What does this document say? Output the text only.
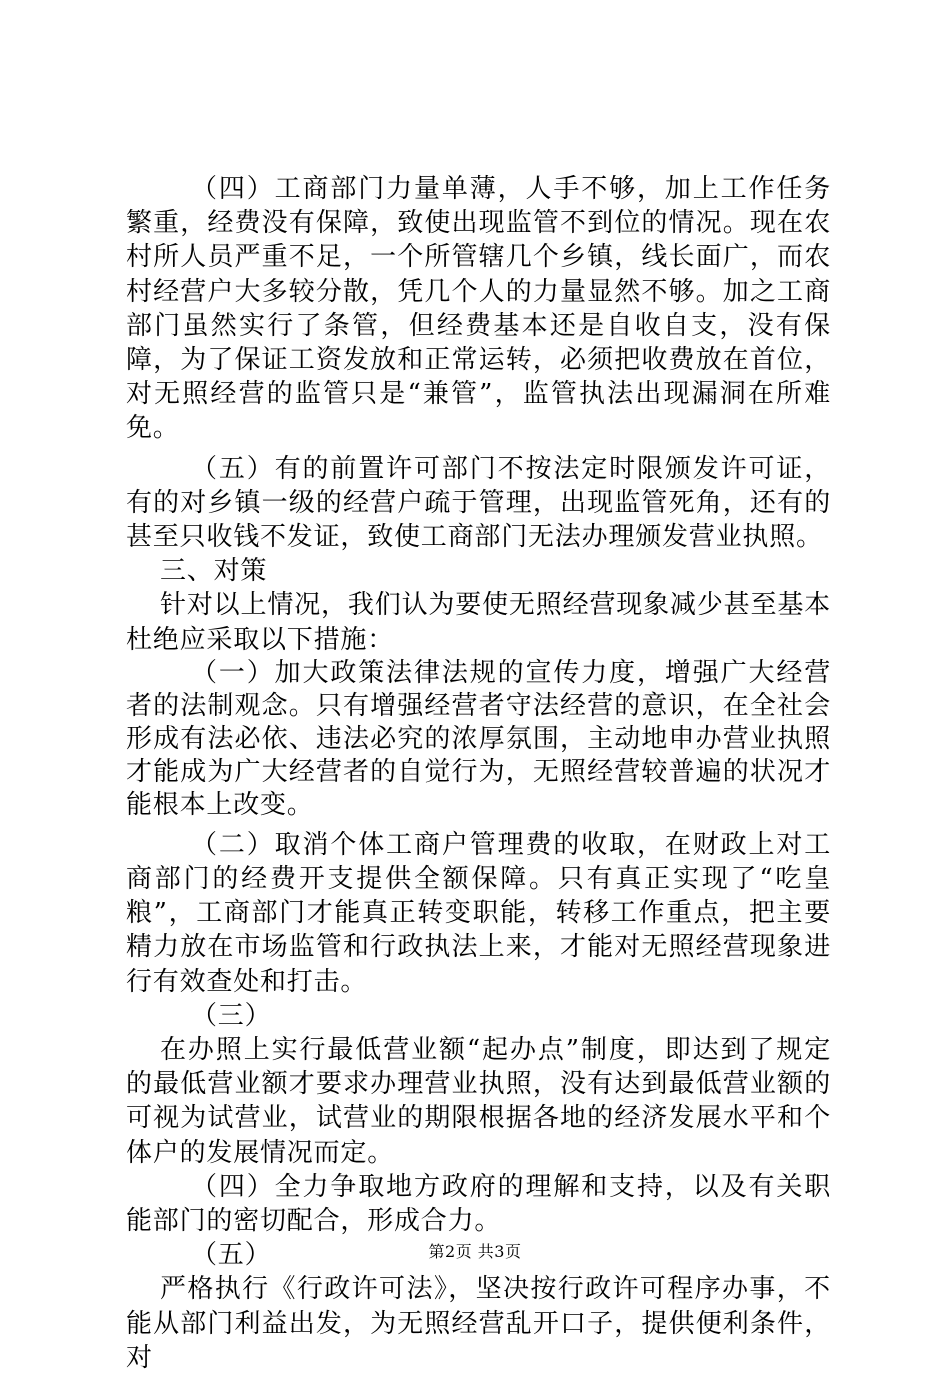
（四）工商部门力量单薄，人手不够，加上工作任务繁重，经费没有保障，致使出现监管不到位的情况。现在农村所人员严重不足，一个所管辖几个乡镇，线长面广，而农村经营户大多较分散，凭几个人的力量显然不够。加之工商部门虽然实行了条管，但经费基本还是自收自支，没有保障，为了保证工资发放和正常运转，必须把收费放在首位，对无照经营的监管只是“兼管”，监管执法出现漏洞在所难免。

（五）有的前置许可部门不按法定时限颁发许可证，有的对乡镇一级的经营户疏于管理，出现监管死角，还有的甚至只收钱不发证，致使工商部门无法办理颁发营业执照。

三、对策

针对以上情况，我们认为要使无照经营现象减少甚至基本杜绝应采取以下措施：

（一）加大政策法律法规的宣传力度，增强广大经营者的法制观念。只有增强经营者守法经营的意识，在全社会形成有法必依、违法必究的浓厚氛围，主动地申办营业执照才能成为广大经营者的自觉行为，无照经营较普遍的状况才能根本上改变。

（二）取消个体工商户管理费的收取，在财政上对工商部门的经费开支提供全额保障。只有真正实现了“吃皇粮”，工商部门才能真正转变职能，转移工作重点，把主要精力放在市场监管和行政执法上来，才能对无照经营现象进行有效查处和打击。

（三）

在办照上实行最低营业额“起办点”制度，即达到了规定的最低营业额才要求办理营业执照，没有达到最低营业额的可视为试营业，试营业的期限根据各地的经济发展水平和个体户的发展情况而定。

（四）全力争取地方政府的理解和支持，以及有关职能部门的密切配合，形成合力。

（五）

严格执行《行政许可法》，坚决按行政许可程序办事，不能从部门利益出发，为无照经营乱开口子，提供便利条件，对

第2页 共3页
